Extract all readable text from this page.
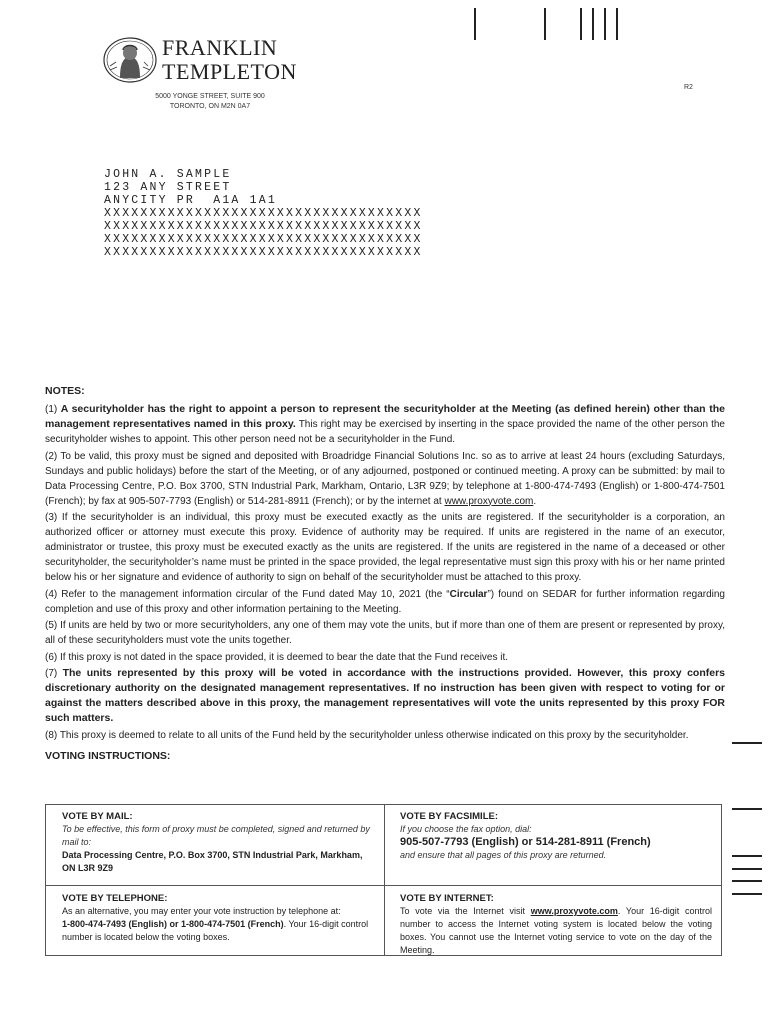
FRANKLIN
TEMPLETON
5000 YONGE STREET, SUITE 900
TORONTO, ON M2N 0A7
R2
JOHN A. SAMPLE
123 ANY STREET
ANYCITY PR  A1A 1A1
XXXXXXXXXXXXXXXXXXXXXXXXXXXXXXXXXXX
XXXXXXXXXXXXXXXXXXXXXXXXXXXXXXXXXXX
XXXXXXXXXXXXXXXXXXXXXXXXXXXXXXXXXXX
XXXXXXXXXXXXXXXXXXXXXXXXXXXXXXXXXXX
NOTES:

(1) A securityholder has the right to appoint a person to represent the securityholder at the Meeting (as defined herein) other than the management representatives named in this proxy. This right may be exercised by inserting in the space provided the name of the other person the securityholder wishes to appoint. This other person need not be a securityholder in the Fund.

(2) To be valid, this proxy must be signed and deposited with Broadridge Financial Solutions Inc. so as to arrive at least 24 hours (excluding Saturdays, Sundays and public holidays) before the start of the Meeting, or of any adjourned, postponed or continued meeting. A proxy can be submitted: by mail to Data Processing Centre, P.O. Box 3700, STN Industrial Park, Markham, Ontario, L3R 9Z9; by telephone at 1-800-474-7493 (English) or 1-800-474-7501 (French); by fax at 905-507-7793 (English) or 514-281-8911 (French); or by the internet at www.proxyvote.com.

(3) If the securityholder is an individual, this proxy must be executed exactly as the units are registered. If the securityholder is a corporation, an authorized officer or attorney must execute this proxy. Evidence of authority may be required. If units are registered in the name of an executor, administrator or trustee, this proxy must be executed exactly as the units are registered. If the units are registered in the name of a deceased or other securityholder, the securityholder’s name must be printed in the space provided, the legal representative must sign this proxy with his or her name printed below his or her signature and evidence of authority to sign on behalf of the securityholder must be attached to this proxy.

(4) Refer to the management information circular of the Fund dated May 10, 2021 (the “Circular”) found on SEDAR for further information regarding completion and use of this proxy and other information pertaining to the Meeting.

(5) If units are held by two or more securityholders, any one of them may vote the units, but if more than one of them are present or represented by proxy, all of these securityholders must vote the units together.

(6) If this proxy is not dated in the space provided, it is deemed to bear the date that the Fund receives it.

(7) The units represented by this proxy will be voted in accordance with the instructions provided. However, this proxy confers discretionary authority on the designated management representatives. If no instruction has been given with respect to voting for or against the matters described above in this proxy, the management representatives will vote the units represented by this proxy FOR such matters.

(8) This proxy is deemed to relate to all units of the Fund held by the securityholder unless otherwise indicated on this proxy by the securityholder.

VOTING INSTRUCTIONS:
VOTE BY MAIL:
To be effective, this form of proxy must be completed, signed and returned by mail to:
Data Processing Centre, P.O. Box 3700, STN Industrial Park, Markham, ON L3R 9Z9
VOTE BY FACSIMILE:
If you choose the fax option, dial:
905-507-7793 (English) or 514-281-8911 (French)
and ensure that all pages of this proxy are returned.
VOTE BY TELEPHONE:
As an alternative, you may enter your vote instruction by telephone at:
1-800-474-7493 (English) or 1-800-474-7501 (French). Your 16-digit control number is located below the voting boxes.
VOTE BY INTERNET:
To vote via the Internet visit www.proxyvote.com. Your 16-digit control number to access the Internet voting system is located below the voting boxes. You cannot use the Internet voting service to vote on the day of the Meeting.
